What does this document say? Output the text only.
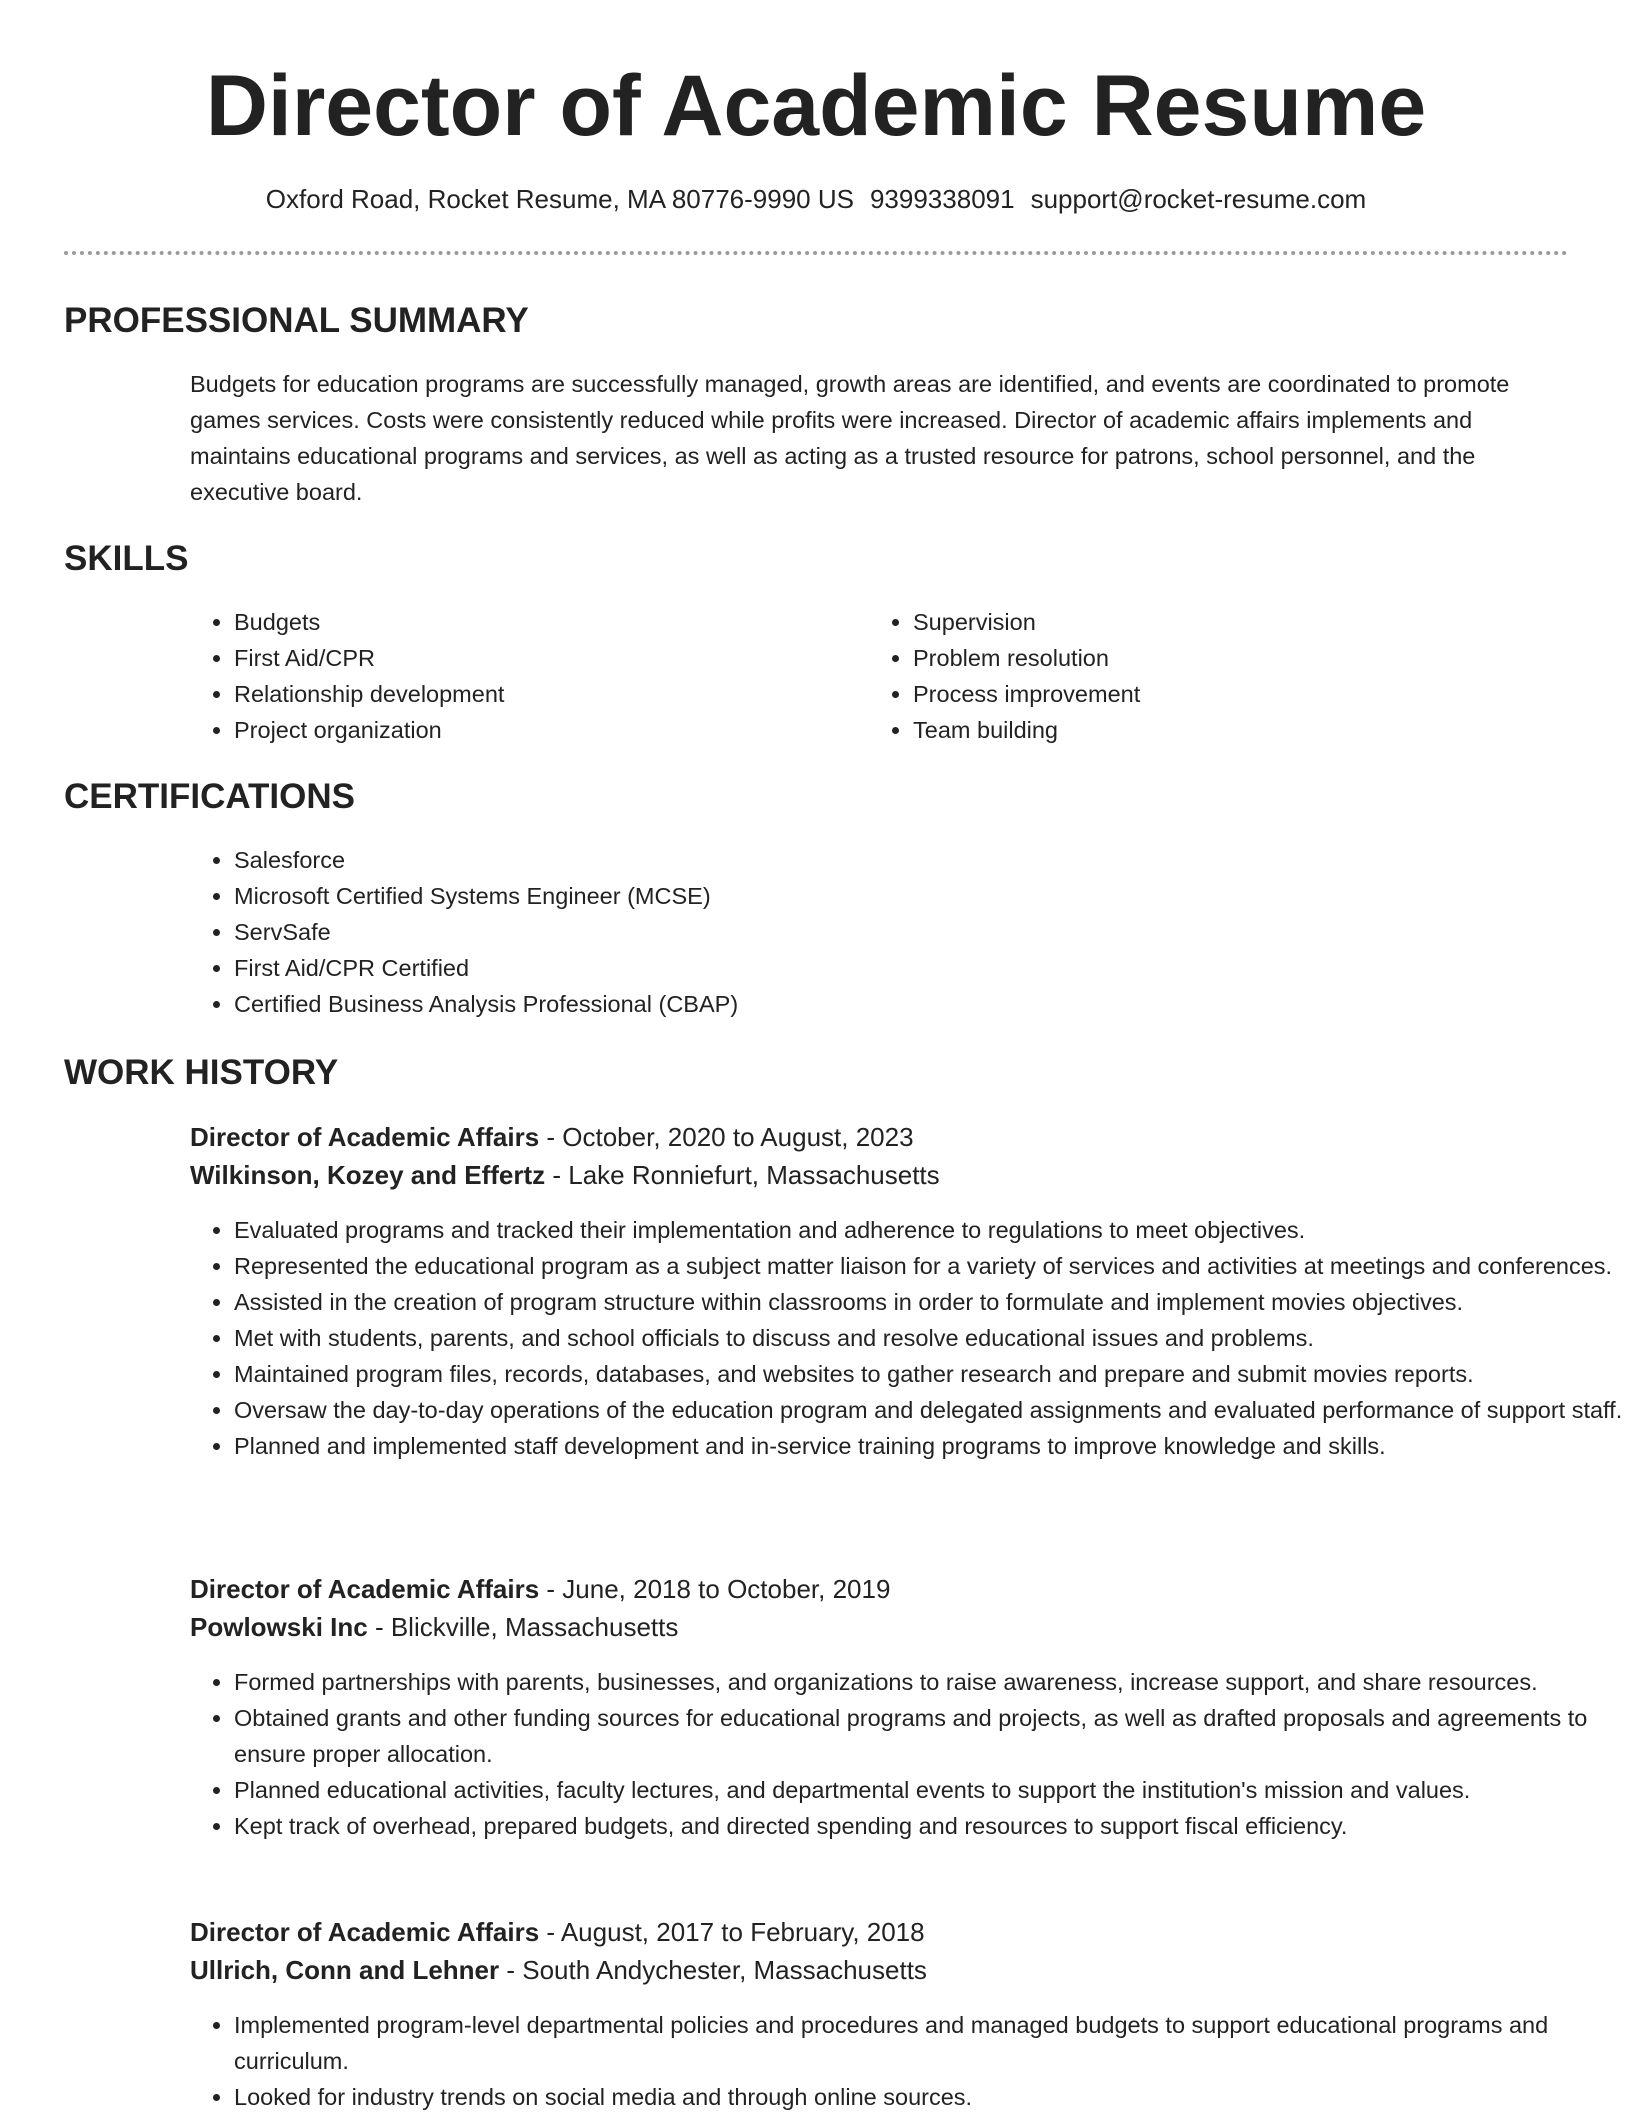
Director of Academic Resume
Oxford Road, Rocket Resume, MA 80776-9990 US 9399338091 support@rocket-resume.com
PROFESSIONAL SUMMARY
Budgets for education programs are successfully managed, growth areas are identified, and events are coordinated to promote games services. Costs were consistently reduced while profits were increased. Director of academic affairs implements and maintains educational programs and services, as well as acting as a trusted resource for patrons, school personnel, and the executive board.
SKILLS
• Budgets
• First Aid/CPR
• Relationship development
• Project organization
• Supervision
• Problem resolution
• Process improvement
• Team building
CERTIFICATIONS
• Salesforce
• Microsoft Certified Systems Engineer (MCSE)
• ServSafe
• First Aid/CPR Certified
• Certified Business Analysis Professional (CBAP)
WORK HISTORY
Director of Academic Affairs - October, 2020 to August, 2023
Wilkinson, Kozey and Effertz - Lake Ronniefurt, Massachusetts
• Evaluated programs and tracked their implementation and adherence to regulations to meet objectives.
• Represented the educational program as a subject matter liaison for a variety of services and activities at meetings and conferences.
• Assisted in the creation of program structure within classrooms in order to formulate and implement movies objectives.
• Met with students, parents, and school officials to discuss and resolve educational issues and problems.
• Maintained program files, records, databases, and websites to gather research and prepare and submit movies reports.
• Oversaw the day-to-day operations of the education program and delegated assignments and evaluated performance of support staff.
• Planned and implemented staff development and in-service training programs to improve knowledge and skills.
Director of Academic Affairs - June, 2018 to October, 2019
Powlowski Inc - Blickville, Massachusetts
• Formed partnerships with parents, businesses, and organizations to raise awareness, increase support, and share resources.
• Obtained grants and other funding sources for educational programs and projects, as well as drafted proposals and agreements to ensure proper allocation.
• Planned educational activities, faculty lectures, and departmental events to support the institution's mission and values.
• Kept track of overhead, prepared budgets, and directed spending and resources to support fiscal efficiency.
Director of Academic Affairs - August, 2017 to February, 2018
Ullrich, Conn and Lehner - South Andychester, Massachusetts
• Implemented program-level departmental policies and procedures and managed budgets to support educational programs and curriculum.
• Looked for industry trends on social media and through online sources.
